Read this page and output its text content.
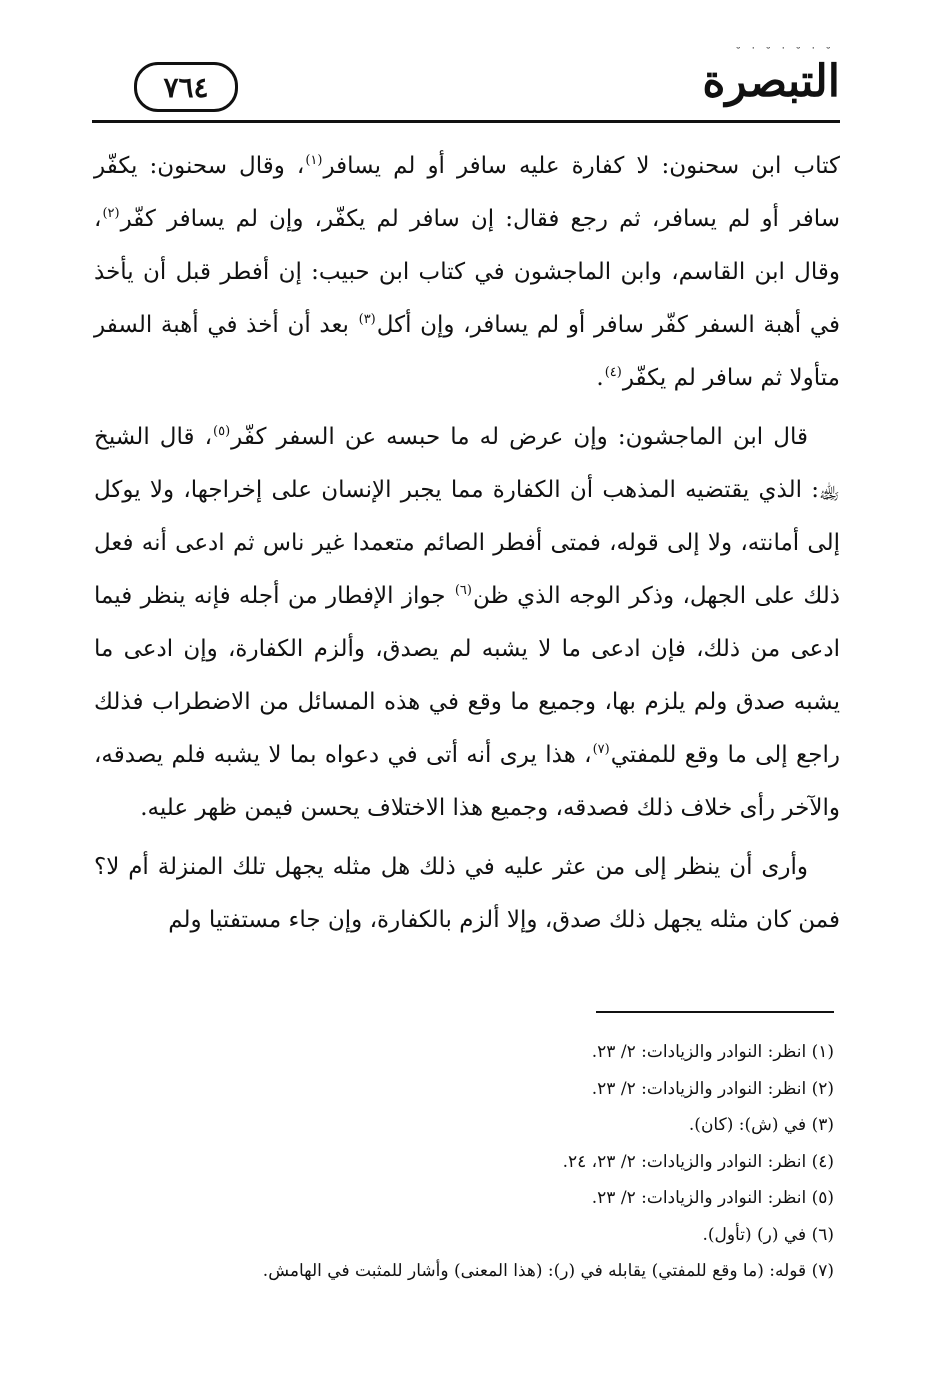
˘ ˙ ˘ ˙ ˘ ˙ ˘
التبصرة
٧٦٤

كتاب ابن سحنون: لا كفارة عليه سافر أو لم يسافر$^{(١)}$، وقال سحنون: يكفّر سافر أو لم يسافر، ثم رجع فقال: إن سافر لم يكفّر، وإن لم يسافر كفّر$^{(٢)}$، وقال ابن القاسم، وابن الماجشون في كتاب ابن حبيب: إن أفطر قبل أن يأخذ في أهبة السفر كفّر سافر أو لم يسافر، وإن أكل$^{(٣)}$ بعد أن أخذ في أهبة السفر متأولا ثم سافر لم يكفّر$^{(٤)}$.

قال ابن الماجشون: وإن عرض له ما حبسه عن السفر كفّر$^{(٥)}$، قال الشيخ ﵀: الذي يقتضيه المذهب أن الكفارة مما يجبر الإنسان على إخراجها، ولا يوكل إلى أمانته، ولا إلى قوله، فمتى أفطر الصائم متعمدا غير ناس ثم ادعى أنه فعل ذلك على الجهل، وذكر الوجه الذي ظن$^{(٦)}$ جواز الإفطار من أجله فإنه ينظر فيما ادعى من ذلك، فإن ادعى ما لا يشبه لم يصدق، وألزم الكفارة، وإن ادعى ما يشبه صدق ولم يلزم بها، وجميع ما وقع في هذه المسائل من الاضطراب فذلك راجع إلى ما وقع للمفتي$^{(٧)}$، هذا يرى أنه أتى في دعواه بما لا يشبه فلم يصدقه، والآخر رأى خلاف ذلك فصدقه، وجميع هذا الاختلاف يحسن فيمن ظهر عليه.

وأرى أن ينظر إلى من عثر عليه في ذلك هل مثله يجهل تلك المنزلة أم لا؟ فمن كان مثله يجهل ذلك صدق، وإلا ألزم بالكفارة، وإن جاء مستفتيا ولم

(١) انظر: النوادر والزيادات: ٢/ ٢٣.
(٢) انظر: النوادر والزيادات: ٢/ ٢٣.
(٣) في (ش): (كان).
(٤) انظر: النوادر والزيادات: ٢/ ٢٣، ٢٤.
(٥) انظر: النوادر والزيادات: ٢/ ٢٣.
(٦) في (ر) (تأول).
(٧) قوله: (ما وقع للمفتي) يقابله في (ر): (هذا المعنى) وأشار للمثبت في الهامش.
